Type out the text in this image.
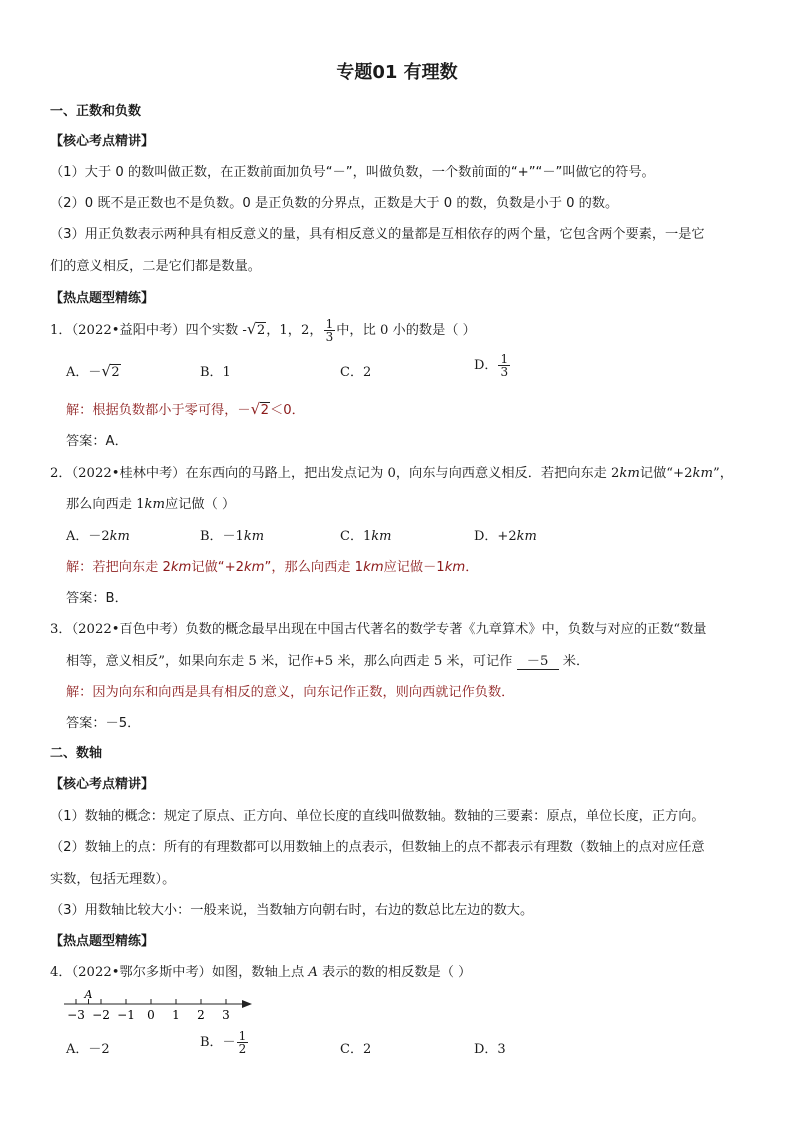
专题01 有理数
一、正数和负数
【核心考点精讲】
（1）大于 0 的数叫做正数，在正数前面加负号“－”，叫做负数，一个数前面的“+”“－”叫做它的符号。
（2）0 既不是正数也不是负数。0 是正负数的分界点，正数是大于 0 的数，负数是小于 0 的数。
（3）用正负数表示两种具有相反意义的量，具有相反意义的量都是互相依存的两个量，它包含两个要素，一是它
们的意义相反，二是它们都是数量。
【热点题型精练】
1．（2022•益阳中考）四个实数 - √ 2，1，2， $\frac{1}{3}$ 中，比 0 小的数是（ ）
A．－ √ 2	B．1	C．2	D． $\frac{1}{3}$
解：根据负数都小于零可得，－ √ 2＜0．
答案：A．
2．（2022•桂林中考）在东西向的马路上，把出发点记为 0，向东与向西意义相反．若把向东走 2km记做“+2km”，
那么向西走 1km应记做（ ）
A．－2km	B．－1km	C．1km	D．+2km
解：若把向东走 2km记做“+2km”，那么向西走 1km应记做－1km．
答案：B．
3．（2022•百色中考）负数的概念最早出现在中国古代著名的数学专著《九章算术》中，负数与对应的正数“数量
相等，意义相反”，如果向东走 5 米，记作+5 米，那么向西走 5 米，可记作 －5 米．
解：因为向东和向西是具有相反的意义，向东记作正数，则向西就记作负数．
答案：－5．
二、数轴
【核心考点精讲】
（1）数轴的概念：规定了原点、正方向、单位长度的直线叫做数轴。数轴的三要素：原点，单位长度，正方向。
（2）数轴上的点：所有的有理数都可以用数轴上的点表示，但数轴上的点不都表示有理数（数轴上的点对应任意
实数，包括无理数）。
（3）用数轴比较大小：一般来说，当数轴方向朝右时，右边的数总比左边的数大。
【热点题型精练】
4．（2022•鄂尔多斯中考）如图，数轴上点 A 表示的数的相反数是（ ）
−3 −2 −1 0 1 2 3
A
A．－2	B．－ $\frac{1}{2}$	C．2	D．3
